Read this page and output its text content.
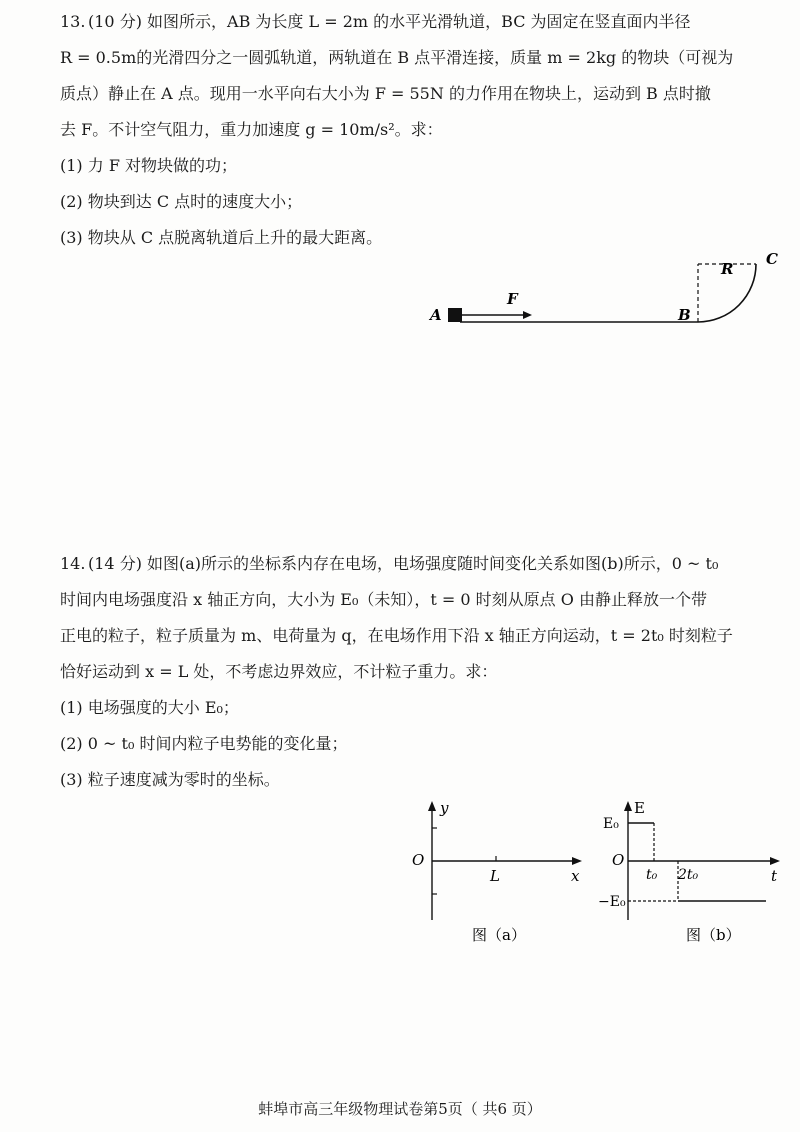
13. (10 分) 如图所示，AB 为长度 L = 2m 的水平光滑轨道，BC 为固定在竖直面内半径
R = 0.5m的光滑四分之一圆弧轨道，两轨道在 B 点平滑连接，质量 m = 2kg 的物块（可视为
质点）静止在 A 点。现用一水平向右大小为 F = 55N 的力作用在物块上，运动到 B 点时撤
去 F。不计空气阻力，重力加速度 g = 10m/s²。求：
(1) 力 F 对物块做的功；
(2) 物块到达 C 点时的速度大小；
(3) 物块从 C 点脱离轨道后上升的最大距离。
A
F
B
R
C
14. (14 分) 如图(a)所示的坐标系内存在电场，电场强度随时间变化关系如图(b)所示，0 ~ t₀
时间内电场强度沿 x 轴正方向，大小为 E₀（未知），t = 0 时刻从原点 O 由静止释放一个带
正电的粒子，粒子质量为 m、电荷量为 q，在电场作用下沿 x 轴正方向运动，t = 2t₀ 时刻粒子
恰好运动到 x = L 处，不考虑边界效应，不计粒子重力。求：
(1) 电场强度的大小 E₀；
(2) 0 ~ t₀ 时间内粒子电势能的变化量；
(3) 粒子速度减为零时的坐标。
y
O
L	x
图（a）
E
E₀
O
t₀ 2t₀	t
−E₀
图（b）
蚌埠市高三年级物理试卷第5页（ 共6 页）
